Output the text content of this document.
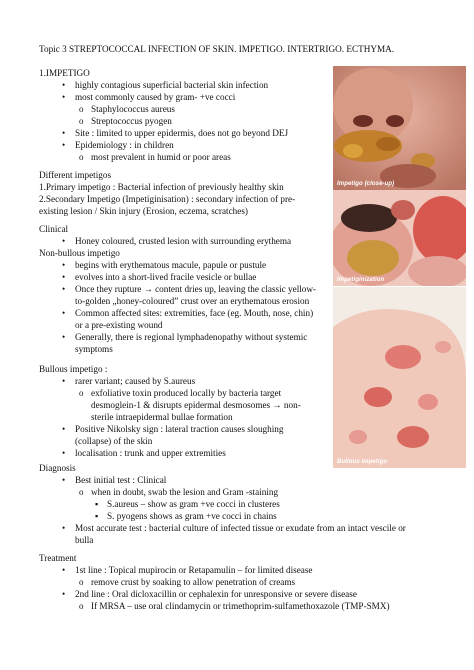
Topic 3 STREPTOCOCCAL INFECTION OF SKIN. IMPETIGO. INTERTRIGO. ECTHYMA.
1.IMPETIGO
• highly contagious superficial bacterial skin infection
• most commonly caused by gram- +ve cocci
o Staphylococcus aureus
o Streptococcus pyogen
• Site : limited to upper epidermis, does not go beyond DEJ
• Epidemiology : in children
o most prevalent in humid or poor areas
Different impetigos
1.Primary impetigo : Bacterial infection of previously healthy skin
2.Secondary Impetigo (Impetiginisation) : secondary infection of pre-
existing lesion / Skin injury (Erosion, eczema, scratches)
Clinical
• Honey coloured, crusted lesion with surrounding erythema
Non-bullous impetigo
• begins with erythematous macule, papule or pustule
• evolves into a short-lived fracile vesicle or bullae
• Once they rupture → content dries up, leaving the classic yellow-
to-golden „honey-coloured” crust over an erythematous erosion
• Common affected sites: extremities, face (eg. Mouth, nose, chin)
or a pre-existing wound
• Generally, there is regional lymphadenopathy without systemic
symptoms
Bullous impetigo :
• rarer variant; caused by S.aureus
o exfoliative toxin produced locally by bacteria target
desmoglein-1 & disrupts epidermal desmosomes → non-
sterile intraepidermal bullae formation
• Positive Nikolsky sign : lateral traction causes sloughing
(collapse) of the skin
• localisation : trunk and upper extremities
Diagnosis
• Best initial test : Clinical
o when in doubt, swab the lesion and Gram -staining
▪ S.aureus – show as gram +ve cocci in clusteres
▪ S. pyogens shows as gram +ve cocci in chains
• Most accurate test : bacterial culture of infected tissue or exudate from an intact vescile or
bulla
Treatment
• 1st line : Topical mupirocin or Retapamulin – for limited disease
o remove crust by soaking to allow penetration of creams
• 2nd line : Oral dicloxacillin or cephalexin for unresponsive or severe disease
o If MRSA – use oral clindamycin or trimethoprim-sulfamethoxazole (TMP-SMX)
Impetigo (close-up)
Impetiginization
Bullous impetigo
